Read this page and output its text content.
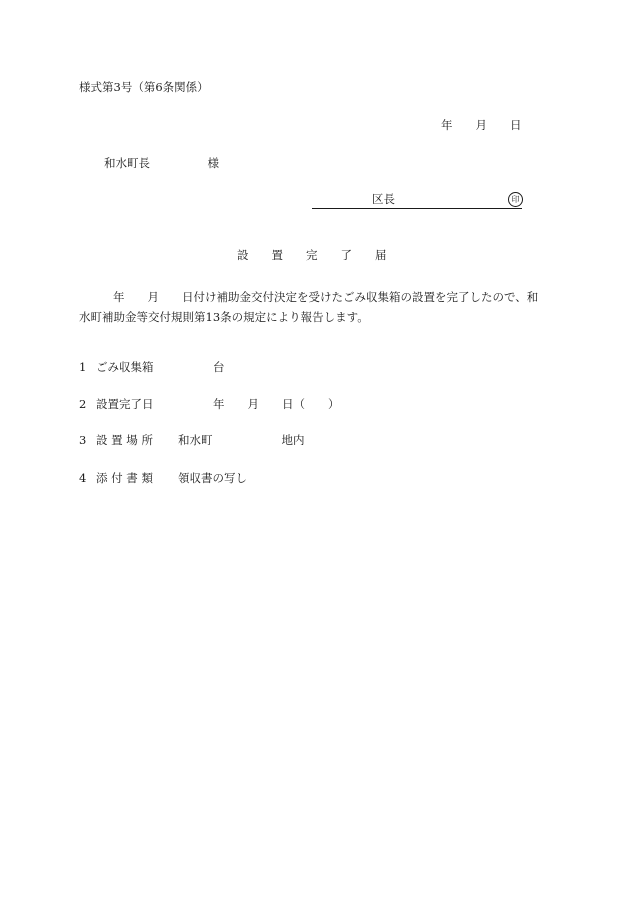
様式第3号（第6条関係）
年　　月　　日
和水町長　　　　　様
区長	印
設　　置　　完　　了　　届
年　　月　　日付け補助金交付決定を受けたごみ収集箱の設置を完了したので、和
水町補助金等交付規則第13条の規定により報告します。
1 ごみ収集箱	台
2 設置完了日	年　　月　　日（　　）
3 設 置 場 所 和水町　　　　　　地内
4 添 付 書 類 領収書の写し
